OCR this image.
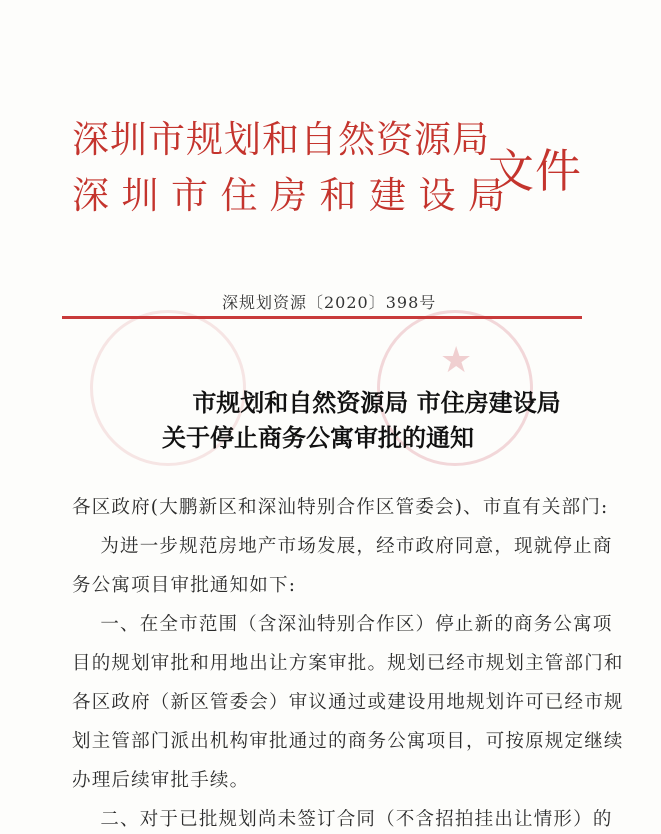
★
深圳市规划和自然资源局
深圳市住房和建设局
文件
深规划资源〔2020〕398号
市规划和自然资源局 市住房建设局
关于停止商务公寓审批的通知
各区政府(大鹏新区和深汕特别合作区管委会)、市直有关部门:
为进一步规范房地产市场发展，经市政府同意，现就停止商
务公寓项目审批通知如下:
一、在全市范围（含深汕特别合作区）停止新的商务公寓项
目的规划审批和用地出让方案审批。规划已经市规划主管部门和
各区政府（新区管委会）审议通过或建设用地规划许可已经市规
划主管部门派出机构审批通过的商务公寓项目，可按原规定继续
办理后续审批手续。
二、对于已批规划尚未签订合同（不含招拍挂出让情形）的
